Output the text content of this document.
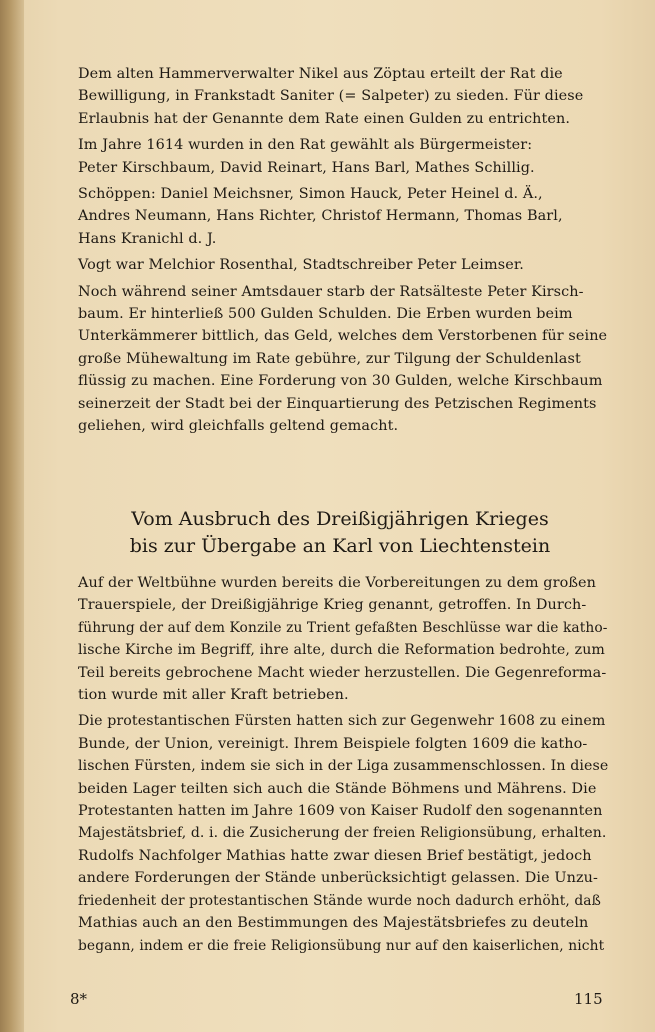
Dem alten Hammerverwalter Nikel aus Zöptau erteilt der Rat die
Bewilligung, in Frankstadt Saniter (= Salpeter) zu sieden. Für diese
Erlaubnis hat der Genannte dem Rate einen Gulden zu entrichten.

Im Jahre 1614 wurden in den Rat gewählt als Bürgermeister:
Peter Kirschbaum, David Reinart, Hans Barl, Mathes Schillig.

Schöppen: Daniel Meichsner, Simon Hauck, Peter Heinel d. Ä.,
Andres Neumann, Hans Richter, Christof Hermann, Thomas Barl,
Hans Kranichl d. J.

Vogt war Melchior Rosenthal, Stadtschreiber Peter Leimser.

Noch während seiner Amtsdauer starb der Ratsälteste Peter Kirsch-
baum. Er hinterließ 500 Gulden Schulden. Die Erben wurden beim
Unterkämmerer bittlich, das Geld, welches dem Verstorbenen für seine
große Mühewaltung im Rate gebühre, zur Tilgung der Schuldenlast
flüssig zu machen. Eine Forderung von 30 Gulden, welche Kirschbaum
seinerzeit der Stadt bei der Einquartierung des Petzischen Regiments
geliehen, wird gleichfalls geltend gemacht.

Vom Ausbruch des Dreißigjährigen Krieges
bis zur Übergabe an Karl von Liechtenstein

Auf der Weltbühne wurden bereits die Vorbereitungen zu dem großen
Trauerspiele, der Dreißigjährige Krieg genannt, getroffen. In Durch-
führung der auf dem Konzile zu Trient gefaßten Beschlüsse war die katho-
lische Kirche im Begriff, ihre alte, durch die Reformation bedrohte, zum
Teil bereits gebrochene Macht wieder herzustellen. Die Gegenreforma-
tion wurde mit aller Kraft betrieben.

Die protestantischen Fürsten hatten sich zur Gegenwehr 1608 zu einem
Bunde, der Union, vereinigt. Ihrem Beispiele folgten 1609 die katho-
lischen Fürsten, indem sie sich in der Liga zusammenschlossen. In diese
beiden Lager teilten sich auch die Stände Böhmens und Mährens. Die
Protestanten hatten im Jahre 1609 von Kaiser Rudolf den sogenannten
Majestätsbrief, d. i. die Zusicherung der freien Religionsübung, erhalten.
Rudolfs Nachfolger Mathias hatte zwar diesen Brief bestätigt, jedoch
andere Forderungen der Stände unberücksichtigt gelassen. Die Unzu-
friedenheit der protestantischen Stände wurde noch dadurch erhöht, daß
Mathias auch an den Bestimmungen des Majestätsbriefes zu deuteln
begann, indem er die freie Religionsübung nur auf den kaiserlichen, nicht

8*	115
